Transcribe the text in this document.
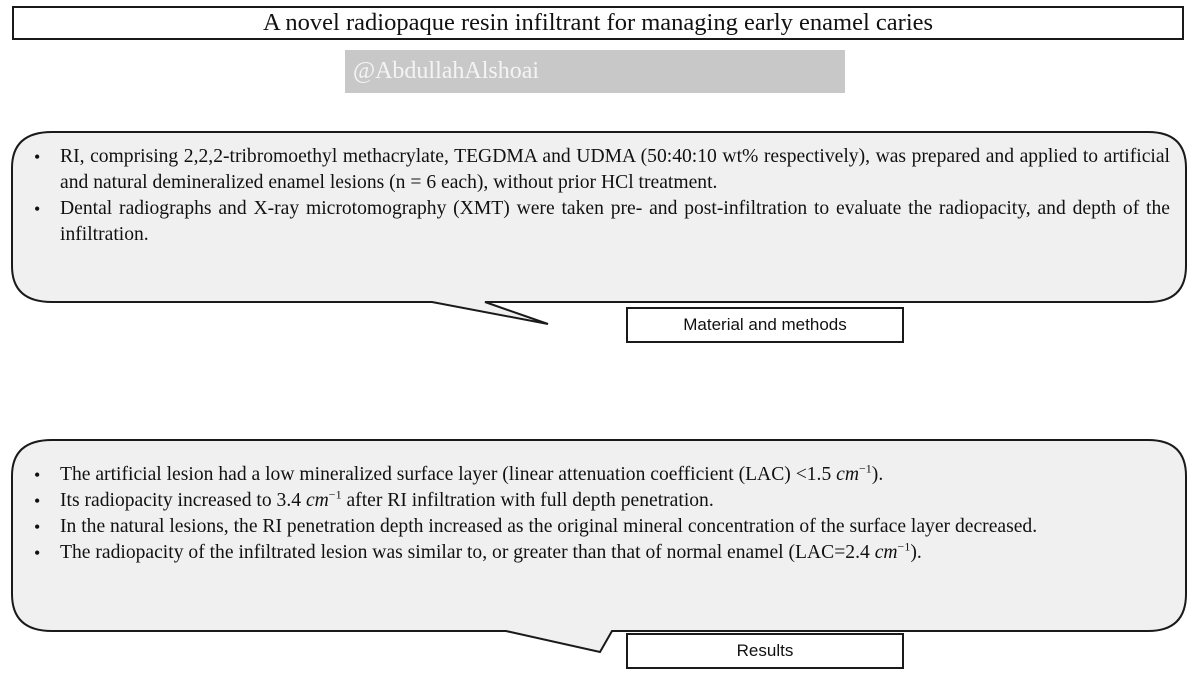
A novel radiopaque resin infiltrant for managing early enamel caries
@AbdullahAlshoai
• RI, comprising 2,2,2-tribromoethyl methacrylate, TEGDMA and UDMA (50:40:10 wt% respectively), was prepared and applied to artificial and natural demineralized enamel lesions (n = 6 each), without prior HCl treatment.
• Dental radiographs and X-ray microtomography (XMT) were taken pre- and post-infiltration to evaluate the radiopacity, and depth of the infiltration.
Material and methods
• The artificial lesion had a low mineralized surface layer (linear attenuation coefficient (LAC) <1.5 $cm^{-1}$).
• Its radiopacity increased to 3.4 $cm^{-1}$ after RI infiltration with full depth penetration.
• In the natural lesions, the RI penetration depth increased as the original mineral concentration of the surface layer decreased.
• The radiopacity of the infiltrated lesion was similar to, or greater than that of normal enamel (LAC=2.4 $cm^{-1}$).
Results
